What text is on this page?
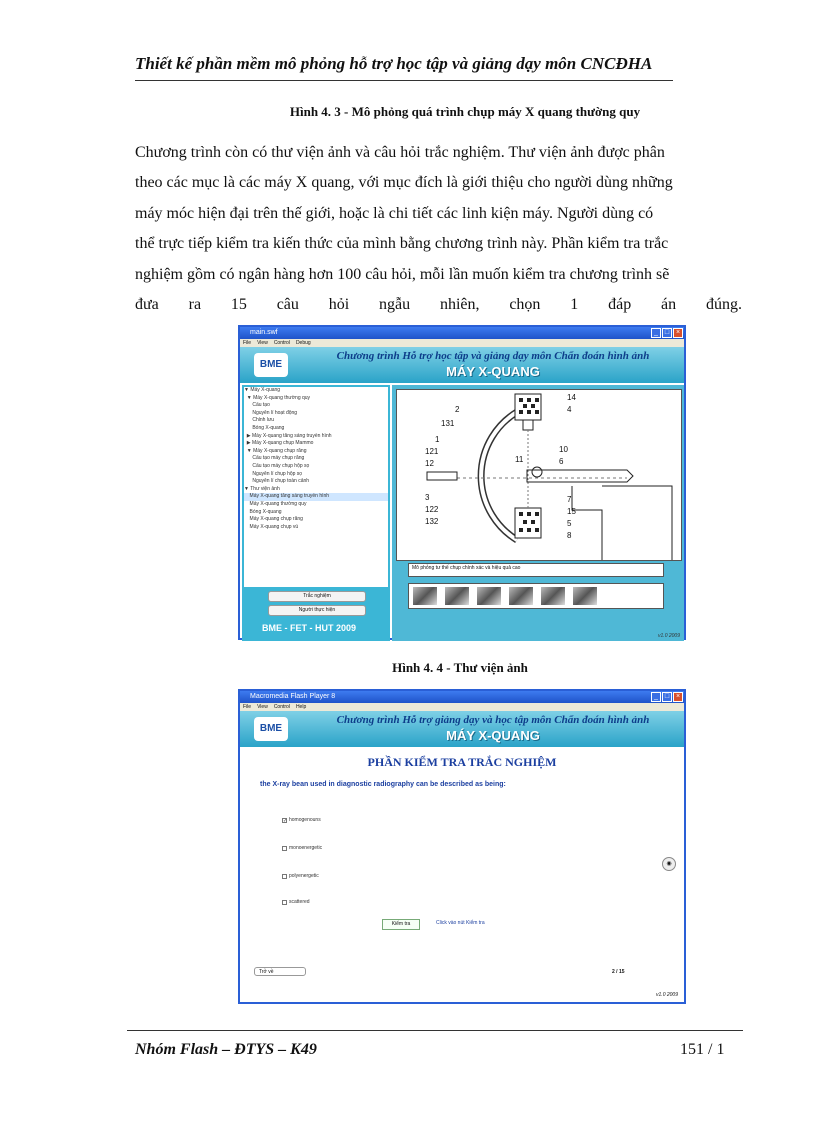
Thiết kế phần mềm mô phỏng hỗ trợ học tập và giảng dạy môn CNCĐHA
Hình 4. 3 - Mô phỏng quá trình chụp máy X quang thường quy
Chương trình còn có thư viện ảnh và câu hỏi trắc nghiệm. Thư viện ảnh được phân
theo các mục là các máy X quang, với mục đích là giới thiệu cho người dùng những
máy móc hiện đại trên thế giới, hoặc là chi tiết các linh kiện máy. Người dùng có
thể trực tiếp kiểm tra kiến thức của mình bằng chương trình này. Phần kiểm tra trắc
nghiệm gồm có ngân hàng hơn 100 câu hỏi, mỗi lần muốn kiểm tra chương trình sẽ
đưa ra 15 câu hỏi ngẫu nhiên, chọn 1 đáp án đúng.
main.swf	_ □ ×
File View Control Debug
BME
Chương trình Hỗ trợ học tập và giảng dạy môn Chẩn đoán hình ảnh
MÁY X-QUANG
▼ Máy X-quang
▼ Máy X-quang thường quy
Cấu tạo
Nguyên lí hoạt động
Chỉnh lưu
Bóng X-quang
▶ Máy X-quang tăng sáng truyền hình
▶ Máy X-quang chụp Mammo
▼ Máy X-quang chụp răng
Cấu tạo máy chụp răng
Cấu tạo máy chụp hộp sọ
Nguyên lí chụp hộp sọ
Nguyên lí chụp toàn cảnh
▼ Thư viện ảnh
Máy X-quang tăng sáng truyền hình
Máy X-quang thường quy
Bóng X-quang
Máy X-quang chụp răng
Máy X-quang chụp vú
Trắc nghiệm
Người thực hiện
BME - FET - HUT 2009
2
131
1
121
12
3
122
132
14
4
10
11	6
7
15
5
8
Mô phỏng tư thế chụp chính xác và hiệu quả cao
v1.0 2009
Hình 4. 4 - Thư viện ảnh
Macromedia Flash Player 8	_ □ ×
File View Control Help
BME
Chương trình Hỗ trợ giảng dạy và học tập môn Chẩn đoán hình ảnh
MÁY X-QUANG
PHẦN KIỂM TRA TRẮC NGHIỆM
the X-ray bean used in diagnostic radiography can be described as being:
✓ homogenouns
monoenergetic
polyenergetic
scattered
Kiểm tra	Click vào nút Kiểm tra
◉
Trở về	2 / 15
v1.0 2009
Nhóm Flash – ĐTYS – K49	151 / 1
